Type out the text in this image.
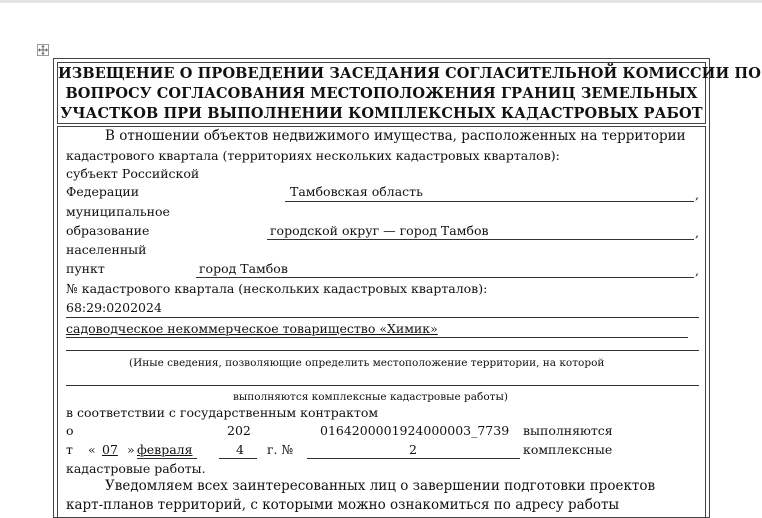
ИЗВЕЩЕНИЕ О ПРОВЕДЕНИИ ЗАСЕДАНИЯ СОГЛАСИТЕЛЬНОЙ КОМИССИИ ПО
ВОПРОСУ СОГЛАСОВАНИЯ МЕСТОПОЛОЖЕНИЯ ГРАНИЦ ЗЕМЕЛЬНЫХ
УЧАСТКОВ ПРИ ВЫПОЛНЕНИИ КОМПЛЕКСНЫХ КАДАСТРОВЫХ РАБОТ
В отношении объектов недвижимого имущества, расположенных на территории
кадастрового квартала (территориях нескольких кадастровых кварталов):
субъект Российской
Федерации	Тамбовская область	,
муниципальное
образование	городской округ — город Тамбов	,
населенный
пункт	город Тамбов	,
№ кадастрового квартала (нескольких кадастровых кварталов):
68:29:0202024
садоводческое некоммерческое товарищество «Химик»
(Иные сведения, позволяющие определить местоположение территории, на которой
выполняются комплексные кадастровые работы)
в соответствии с государственным контрактом
о	202	0164200001924000003_7739 выполняются
т « 07 » февраля	4 г. №	2	комплексные
кадастровые работы.
Уведомляем всех заинтересованных лиц о завершении подготовки проектов
карт-планов территорий, с которыми можно ознакомиться по адресу работы
